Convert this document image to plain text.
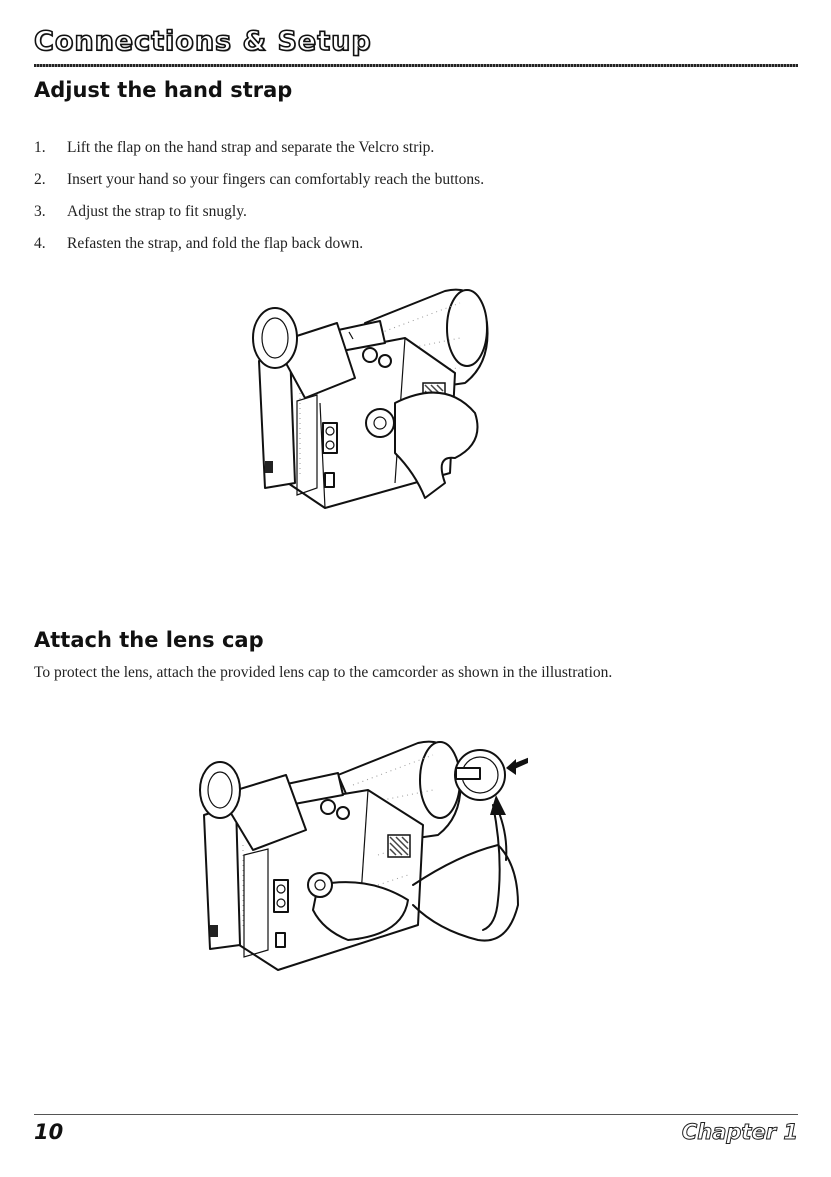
Connections & Setup
Adjust the hand strap
1.	Lift the flap on the hand strap and separate the Velcro strip.
2.	Insert your hand so your fingers can comfortably reach the buttons.
3.	Adjust the strap to fit snugly.
4.	Refasten the strap, and fold the flap back down.
Attach the lens cap

To protect the lens, attach the provided lens cap to the camcorder as shown in the illustration.

10	Chapter 1
